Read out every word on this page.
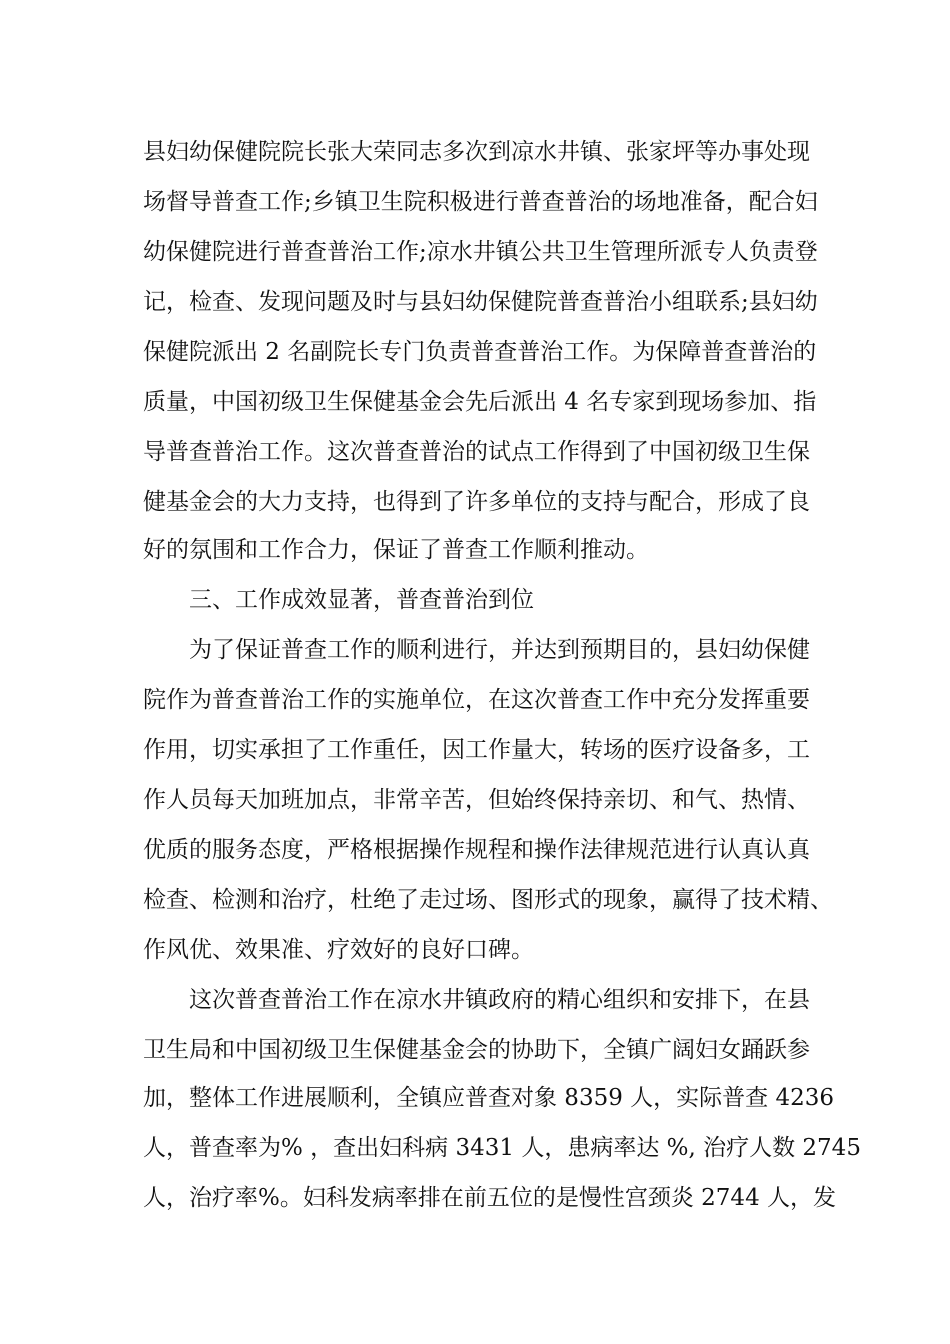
县妇幼保健院院长张大荣同志多次到凉水井镇、张家坪等办事处现

场督导普查工作;乡镇卫生院积极进行普查普治的场地准备，配合妇

幼保健院进行普查普治工作;凉水井镇公共卫生管理所派专人负责登

记，检查、发现问题及时与县妇幼保健院普查普治小组联系;县妇幼

保健院派出 2 名副院长专门负责普查普治工作。为保障普查普治的

质量，中国初级卫生保健基金会先后派出 4 名专家到现场参加、指

导普查普治工作。这次普查普治的试点工作得到了中国初级卫生保

健基金会的大力支持，也得到了许多单位的支持与配合，形成了良

好的氛围和工作合力，保证了普查工作顺利推动。

三、工作成效显著，普查普治到位

为了保证普查工作的顺利进行，并达到预期目的，县妇幼保健

院作为普查普治工作的实施单位，在这次普查工作中充分发挥重要

作用，切实承担了工作重任，因工作量大，转场的医疗设备多，工

作人员每天加班加点，非常辛苦，但始终保持亲切、和气、热情、

优质的服务态度，严格根据操作规程和操作法律规范进行认真认真

检查、检测和治疗，杜绝了走过场、图形式的现象，赢得了技术精、

作风优、效果准、疗效好的良好口碑。

这次普查普治工作在凉水井镇政府的精心组织和安排下，在县

卫生局和中国初级卫生保健基金会的协助下，全镇广阔妇女踊跃参

加，整体工作进展顺利，全镇应普查对象 8359 人，实际普查 4236

人，普查率为% ，查出妇科病 3431 人，患病率达 %, 治疗人数 2745

人，治疗率%。妇科发病率排在前五位的是慢性宫颈炎 2744 人，发
